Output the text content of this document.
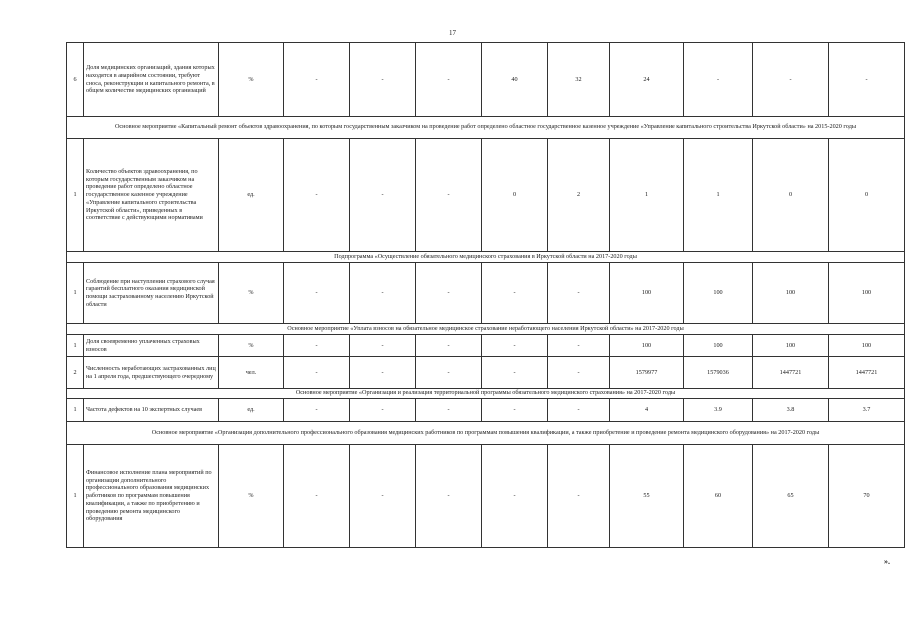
17
6	Доля медицинских организаций, здания которых находятся в аварийном состоянии, требуют сноса, реконструкции и капитального ремонта, в общем количестве медицинских организаций	%	-	-	-	40	32	24	-	-	-
Основное мероприятие «Капитальный ремонт объектов здравоохранения, по которым государственным заказчиком на проведение работ определено областное государственное казенное учреждение «Управление капитального строительства Иркутской области» на 2015-2020 годы											
1	Количество объектов здравоохранения, по которым государственным заказчиком на проведение работ определено областное государственное казенное учреждение «Управление капитального строительства Иркутской области», приведенных в соответствие с действующими нормативами	ед.	-	-	-	0	2	1	1	0	0
Подпрограмма «Осуществление обязательного медицинского страхования в Иркутской области на 2017-2020 годы											
1	Соблюдение при наступлении страхового случая гарантий бесплатного оказания медицинской помощи застрахованному населению Иркутской области	%	-	-	-	-	-	100	100	100	100
Основное мероприятие «Уплата взносов на обязательное медицинское страхование неработающего населения Иркутской области» на 2017-2020 годы											
1	Доля своевременно уплаченных страховых взносов	%	-	-	-	-	-	100	100	100	100
2	Численность неработающих застрахованных лиц на 1 апреля года, предшествующего очередному	чел.	-	-	-	-	-	1579977	1579036	1447721	1447721
Основное мероприятие «Организация и реализация территориальной программы обязательного медицинского страхования» на 2017-2020 годы											
1	Частота дефектов на 10 экспертных случаев	ед.	-	-	-	-	-	4	3.9	3.8	3.7
Основное мероприятие «Организация дополнительного профессионального образования медицинских работников по программам повышения квалификации, а также приобретение и проведение ремонта медицинского оборудования» на 2017-2020 годы											
1	Финансовое исполнение плана мероприятий по организации дополнительного профессионального образования медицинских работников по программам повышения квалификации, а также по приобретению и проведению ремонта медицинского оборудования	%	-	-	-	-	-	55	60	65	70
».
